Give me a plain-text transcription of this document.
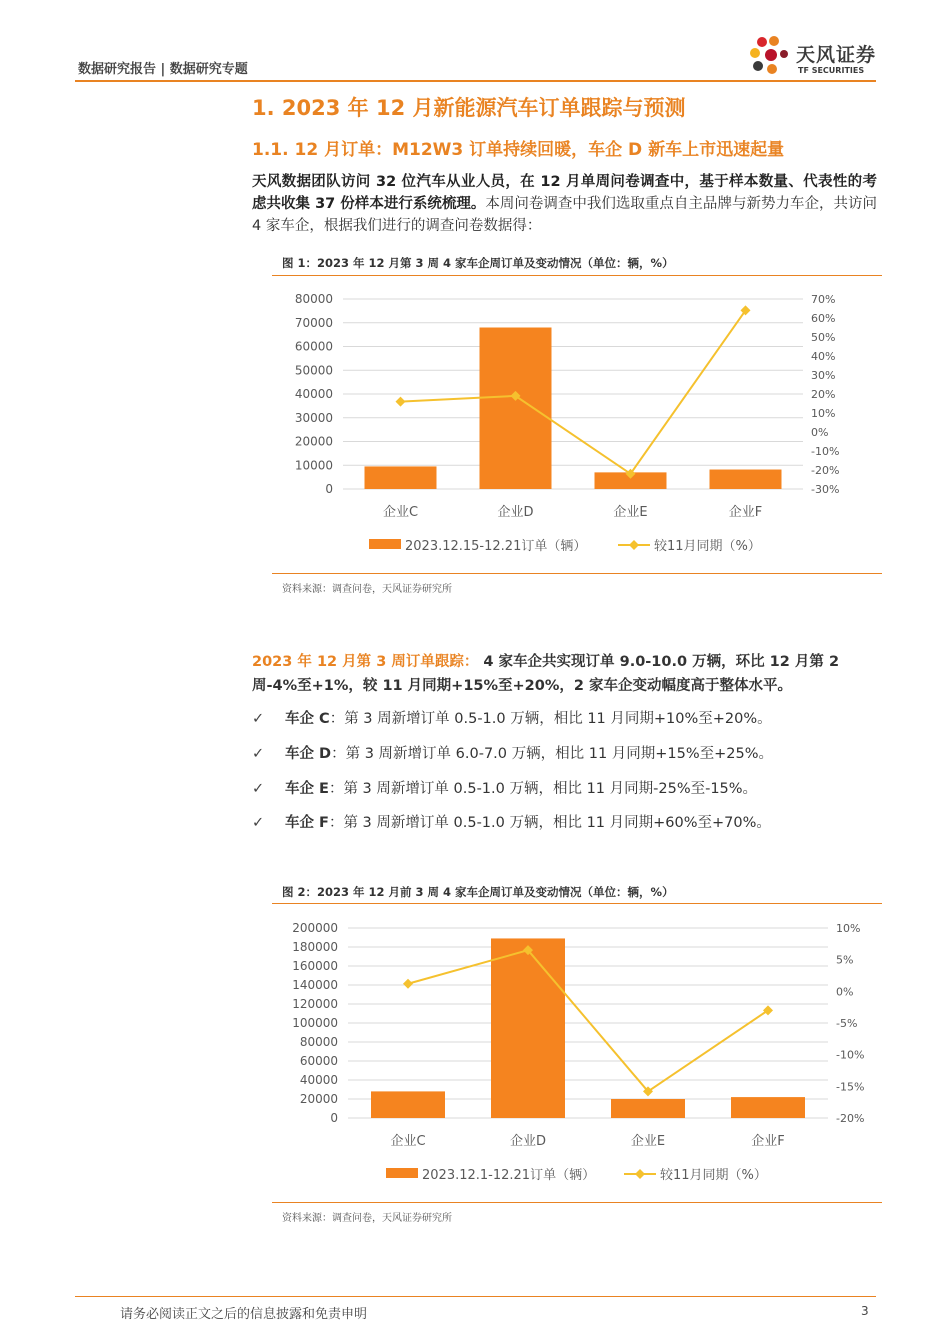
数据研究报告 | 数据研究专题
天风证券
TF SECURITIES
1. 2023 年 12 月新能源汽车订单跟踪与预测
1.1. 12 月订单：M12W3 订单持续回暖，车企 D 新车上市迅速起量
天风数据团队访问 32 位汽车从业人员，在 12 月单周问卷调查中，基于样本数量、代表性的考虑共收集 37 份样本进行系统梳理。本周问卷调查中我们选取重点自主品牌与新势力车企，共访问 4 家车企，根据我们进行的调查问卷数据得：
图 1：2023 年 12 月第 3 周 4 家车企周订单及变动情况（单位：辆，%）
0
10000
20000
30000
40000
50000
60000
70000
80000
-30%
-20%
-10%
0%
10%
20%
30%
40%
50%
60%
70%
企业C	企业D	企业E	企业F
2023.12.15-12.21订单（辆）	较11月同期（%）
资料来源：调查问卷，天风证券研究所
2023 年 12 月第 3 周订单跟踪： 4 家车企共实现订单 9.0-10.0 万辆，环比 12 月第 2 周-4%至+1%，较 11 月同期+15%至+20%，2 家车企变动幅度高于整体水平。
✓ 车企 C：第 3 周新增订单 0.5-1.0 万辆，相比 11 月同期+10%至+20%。
✓ 车企 D：第 3 周新增订单 6.0-7.0 万辆，相比 11 月同期+15%至+25%。
✓ 车企 E：第 3 周新增订单 0.5-1.0 万辆，相比 11 月同期-25%至-15%。
✓ 车企 F：第 3 周新增订单 0.5-1.0 万辆，相比 11 月同期+60%至+70%。
图 2：2023 年 12 月前 3 周 4 家车企周订单及变动情况（单位：辆，%）
0
20000
40000
60000
80000
100000
120000
140000
160000
180000
200000
-20%
-15%
-10%
-5%
0%
5%
10%
企业C	企业D	企业E	企业F
2023.12.1-12.21订单（辆）	较11月同期（%）
资料来源：调查问卷，天风证券研究所
请务必阅读正文之后的信息披露和免责申明	3
